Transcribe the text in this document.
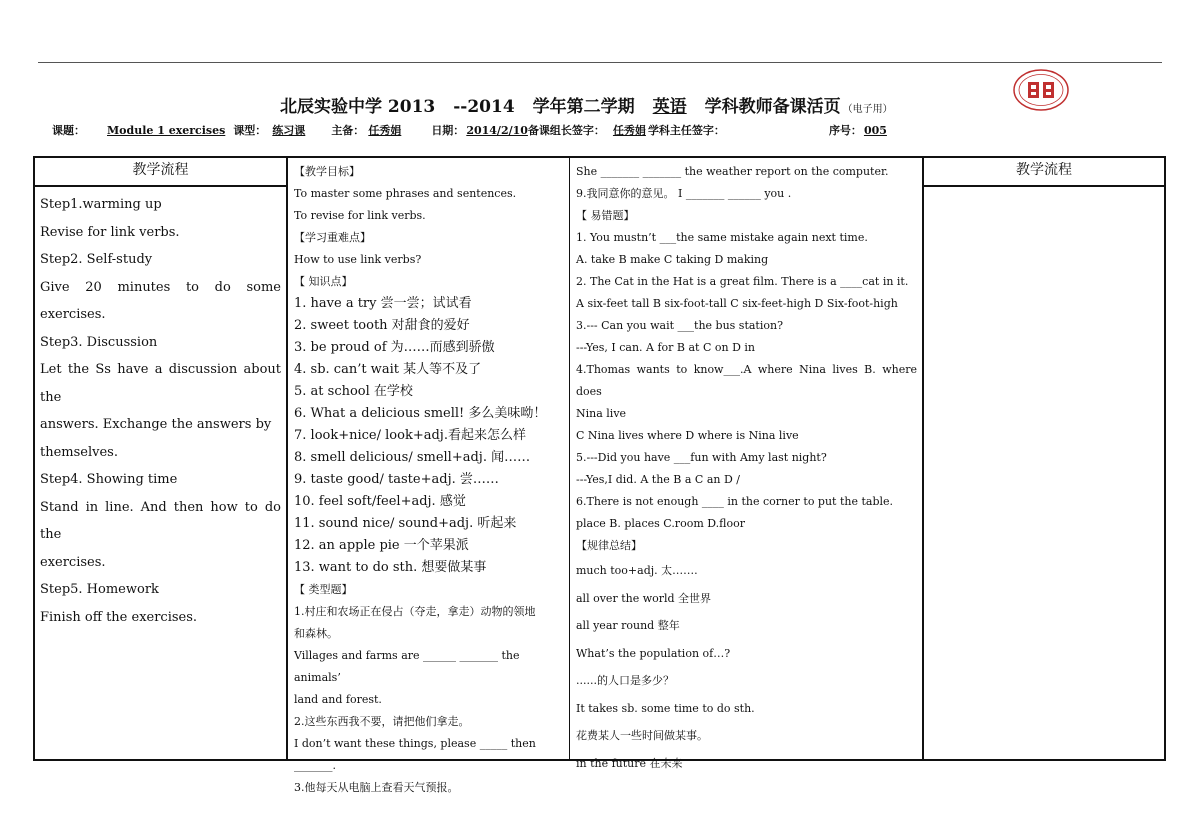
北辰实验中学 2013 --2014 学年第二学期 英语 学科教师备课活页 （电子用）
课题： Module 1 exercises 课型： 练习课 主备： 任秀娟	日期： 2014/2/10备课组长签字： 任秀娟 学科主任签字：	序号： 005
教学流程
Step1.warming up
Revise for link verbs.
Step2. Self-study
Give 20 minutes to do some exercises.
Step3. Discussion
Let the Ss have a discussion about the
answers. Exchange the answers by
themselves.
Step4. Showing time
Stand in line. And then how to do the
exercises.
Step5. Homework
Finish off the exercises.
【教学目标】
To master some phrases and sentences.
To revise for link verbs.
【学习重难点】
How to use link verbs?
【 知识点】
1. have a try 尝一尝；试试看
2. sweet tooth 对甜食的爱好
3. be proud of 为……而感到骄傲
4. sb. can’t wait 某人等不及了
5. at school 在学校
6. What a delicious smell! 多么美味呦！
7. look+nice/ look+adj.看起来怎么样
8. smell delicious/ smell+adj. 闻……
9. taste good/ taste+adj. 尝……
10. feel soft/feel+adj. 感觉
11. sound nice/ sound+adj. 听起来
12. an apple pie 一个苹果派
13. want to do sth. 想要做某事
【 类型题】
1.村庄和农场正在侵占（夺走，拿走）动物的领地
和森林。
Villages and farms are ______ _______ the animals’
land and forest.
2.这些东西我不要，请把他们拿走。
I don’t want these things, please _____ then _______.
3.他每天从电脑上查看天气预报。
She _______ _______ the weather report on the computer.
9.我同意你的意见。 I _______ ______ you .
【 易错题】
1. You mustn’t ___the same mistake again next time.
A. take B make C taking D making
2. The Cat in the Hat is a great film. There is a ____cat in it.
A six-feet tall B six-foot-tall C six-feet-high D Six-foot-high
3.--- Can you wait ___the bus station?
---Yes, I can. A for B at C on D in
4.Thomas wants to know___.A where Nina lives B. where does
Nina live
C Nina lives where D where is Nina live
5.---Did you have ___fun with Amy last night?
---Yes,I did. A the B a C an D /
6.There is not enough ____ in the corner to put the table.
place B. places C.room D.floor
【规律总结】
much too+adj. 太…….
all over the world 全世界
all year round 整年
What’s the population of…?
......的人口是多少？
It takes sb. some time to do sth.
花费某人一些时间做某事。
in the future 在未来
教学流程
